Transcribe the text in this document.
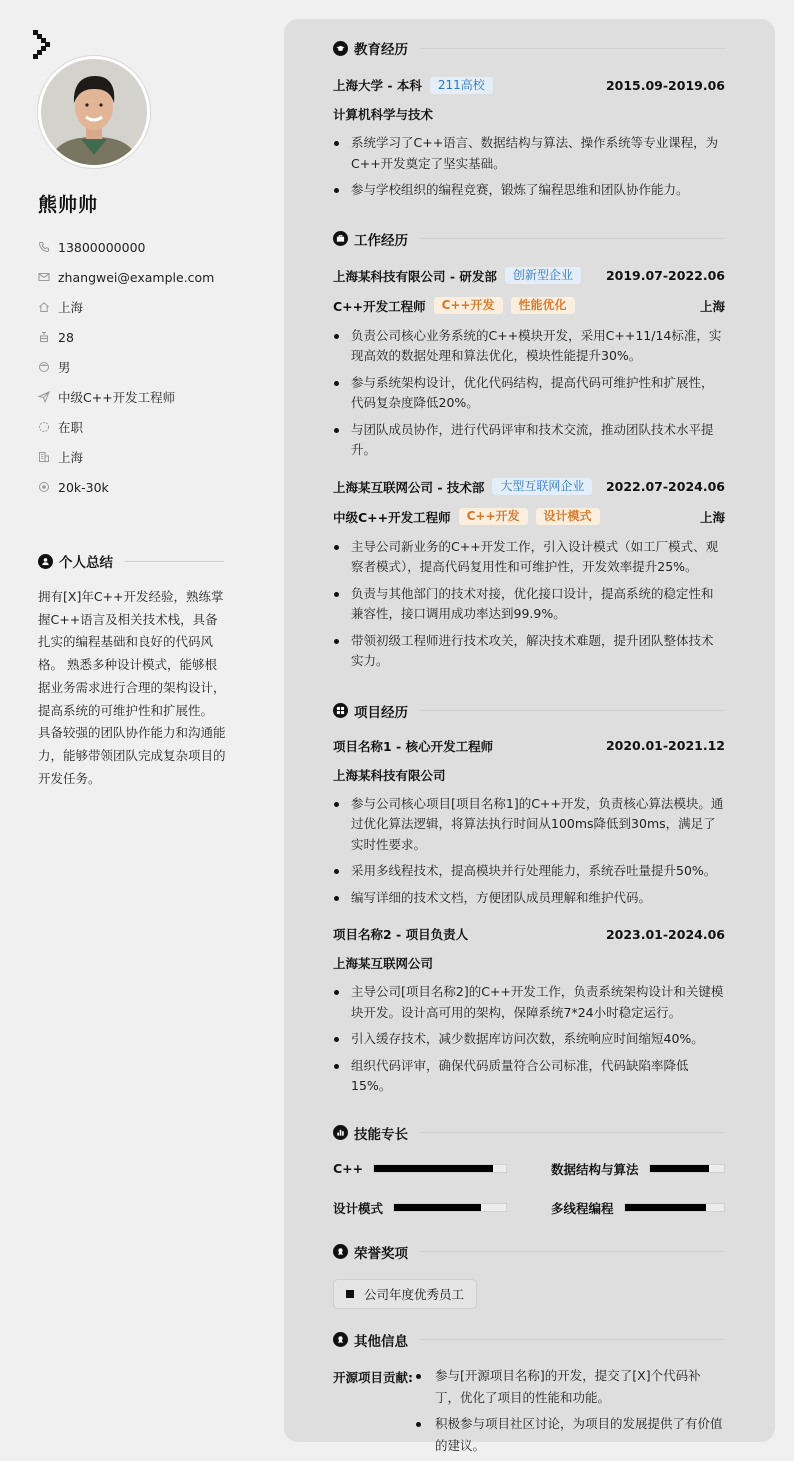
熊帅帅
13800000000
zhangwei@example.com
上海
28
男
中级C++开发工程师
在职
上海
20k-30k
个人总结

拥有[X]年C++开发经验，熟练掌握C++语言及相关技术栈，具备扎实的编程基础和良好的代码风格。 熟悉多种设计模式，能够根据业务需求进行合理的架构设计，提高系统的可维护性和扩展性。 具备较强的团队协作能力和沟通能力，能够带领团队完成复杂项目的开发任务。

教育经历
上海大学 - 本科	211高校	2015.09-2019.06
计算机科学与技术
系统学习了C++语言、数据结构与算法、操作系统等专业课程，为C++开发奠定了坚实基础。
参与学校组织的编程竞赛，锻炼了编程思维和团队协作能力。
工作经历
上海某科技有限公司 - 研发部	创新型企业	2019.07-2022.06
C++开发工程师	C++开发	性能优化	上海
负责公司核心业务系统的C++模块开发，采用C++11/14标准，实现高效的数据处理和算法优化，模块性能提升30%。
参与系统架构设计，优化代码结构，提高代码可维护性和扩展性，代码复杂度降低20%。
与团队成员协作，进行代码评审和技术交流，推动团队技术水平提升。
上海某互联网公司 - 技术部	大型互联网企业	2022.07-2024.06
中级C++开发工程师	C++开发	设计模式	上海
主导公司新业务的C++开发工作，引入设计模式（如工厂模式、观察者模式），提高代码复用性和可维护性，开发效率提升25%。
负责与其他部门的技术对接，优化接口设计，提高系统的稳定性和兼容性，接口调用成功率达到99.9%。
带领初级工程师进行技术攻关，解决技术难题，提升团队整体技术实力。
项目经历
项目名称1 - 核心开发工程师	2020.01-2021.12
上海某科技有限公司
参与公司核心项目[项目名称1]的C++开发，负责核心算法模块。通过优化算法逻辑，将算法执行时间从100ms降低到30ms，满足了实时性要求。
采用多线程技术，提高模块并行处理能力，系统吞吐量提升50%。
编写详细的技术文档，方便团队成员理解和维护代码。
项目名称2 - 项目负责人	2023.01-2024.06
上海某互联网公司
主导公司[项目名称2]的C++开发工作，负责系统架构设计和关键模块开发。设计高可用的架构，保障系统7*24小时稳定运行。
引入缓存技术，减少数据库访问次数，系统响应时间缩短40%。
组织代码评审，确保代码质量符合公司标准，代码缺陷率降低15%。
技能专长
C++	数据结构与算法
设计模式	多线程编程
荣誉奖项
公司年度优秀员工
其他信息
开源项目贡献:	参与[开源项目名称]的开发，提交了[X]个代码补丁，优化了项目的性能和功能。
积极参与项目社区讨论，为项目的发展提供了有价值的建议。
